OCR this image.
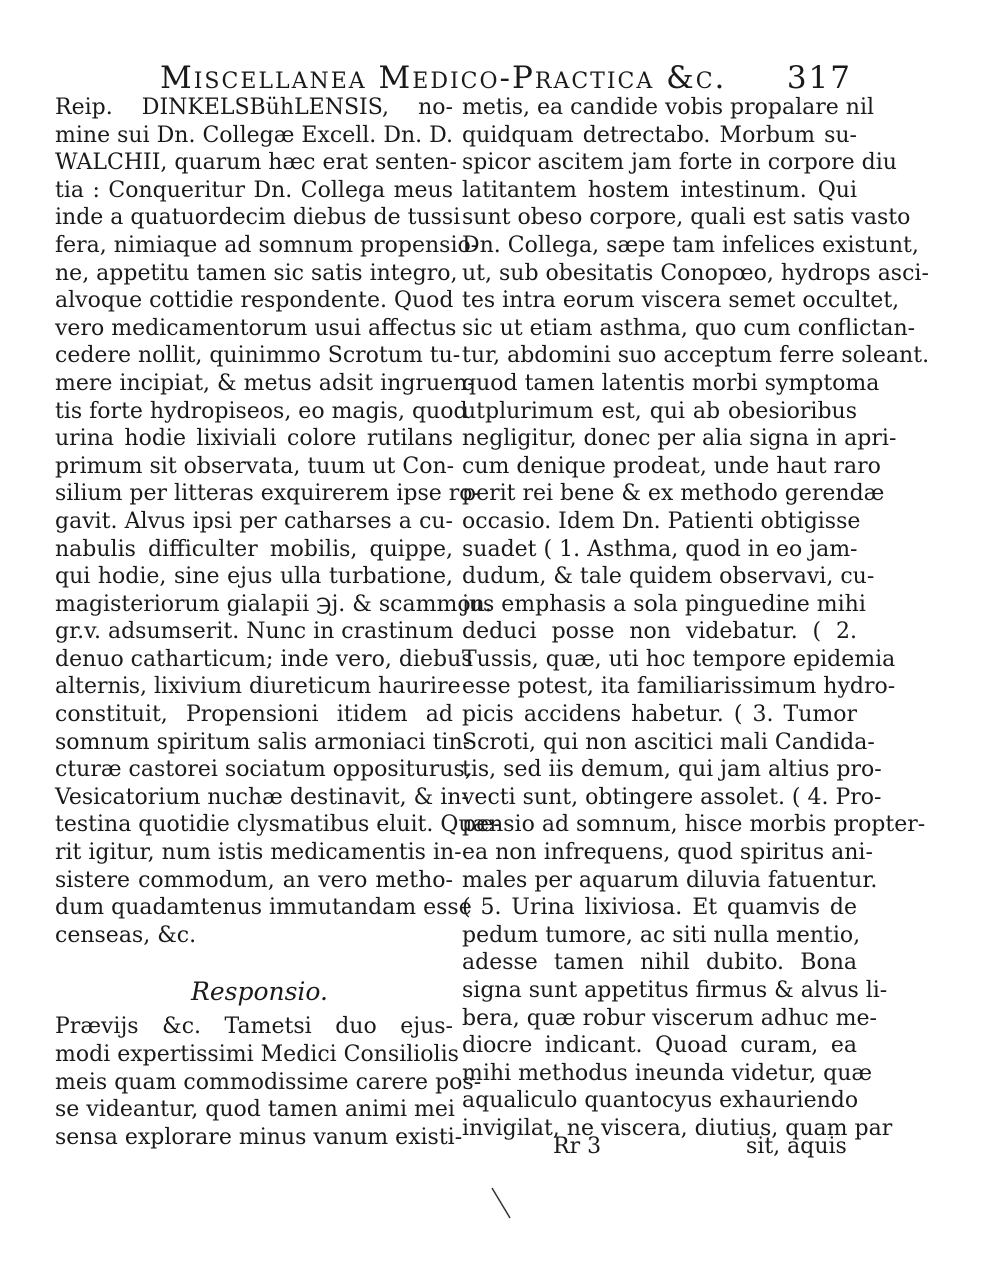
Miscellanea Medico-Practica &c. 317
Reip. DINKELSBühLENSIS, no-
mine sui Dn. Collegæ Excell. Dn. D.
WALCHII, quarum hæc erat senten-
tia : Conqueritur Dn. Collega meus
inde a quatuordecim diebus de tussi
fera, nimiaque ad somnum propensio-
ne, appetitu tamen sic satis integro,
alvoque cottidie respondente. Quod
vero medicamentorum usui affectus
cedere nollit, quinimmo Scrotum tu-
mere incipiat, & metus adsit ingruen-
tis forte hydropiseos, eo magis, quod
urina hodie lixiviali colore rutilans
primum sit observata, tuum ut Con-
silium per litteras exquirerem ipse ro-
gavit. Alvus ipsi per catharses a cu-
nabulis difficulter mobilis, quippe,
qui hodie, sine ejus ulla turbatione,
magisteriorum gialapii ℈j. & scammon.
gr.v. adsumserit. Nunc in crastinum
denuo catharticum; inde vero, diebus
alternis, lixivium diureticum haurire
constituit, Propensioni itidem ad
somnum spiritum salis armoniaci tin-
cturæ castorei sociatum oppositurus,
Vesicatorium nuchæ destinavit, & in-
testina quotidie clysmatibus eluit. Quæ-
rit igitur, num istis medicamentis in-
sistere commodum, an vero metho-
dum quadamtenus immutandam esse
censeas, &c.
Responsio.
Prævijs &c. Tametsi duo ejus-
modi expertissimi Medici Consiliolis
meis quam commodissime carere pos-
se videantur, quod tamen animi mei
sensa explorare minus vanum existi-
metis, ea candide vobis propalare nil
quidquam detrectabo. Morbum su-
spicor ascitem jam forte in corpore diu
latitantem hostem intestinum. Qui
sunt obeso corpore, quali est satis vasto
Dn. Collega, sæpe tam infelices existunt,
ut, sub obesitatis Conopœo, hydrops asci-
tes intra eorum viscera semet occultet,
sic ut etiam asthma, quo cum conflictan-
tur, abdomini suo acceptum ferre soleant.
quod tamen latentis morbi symptoma
utplurimum est, qui ab obesioribus
negligitur, donec per alia signa in apri-
cum denique prodeat, unde haut raro
perit rei bene & ex methodo gerendæ
occasio. Idem Dn. Patienti obtigisse
suadet ( 1. Asthma, quod in eo jam-
dudum, & tale quidem observavi, cu-
jus emphasis a sola pinguedine mihi
deduci posse non videbatur. ( 2.
Tussis, quæ, uti hoc tempore epidemia
esse potest, ita familiarissimum hydro-
picis accidens habetur. ( 3. Tumor
Scroti, qui non ascitici mali Candida-
tis, sed iis demum, qui jam altius pro-
vecti sunt, obtingere assolet. ( 4. Pro-
pensio ad somnum, hisce morbis propter-
ea non infrequens, quod spiritus ani-
males per aquarum diluvia fatuentur.
( 5. Urina lixiviosa. Et quamvis de
pedum tumore, ac siti nulla mentio,
adesse tamen nihil dubito. Bona
signa sunt appetitus firmus & alvus li-
bera, quæ robur viscerum adhuc me-
diocre indicant. Quoad curam, ea
mihi methodus ineunda videtur, quæ
aqualiculo quantocyus exhauriendo
invigilat, ne viscera, diutius, quam par
Rr 3	sit, aquis
